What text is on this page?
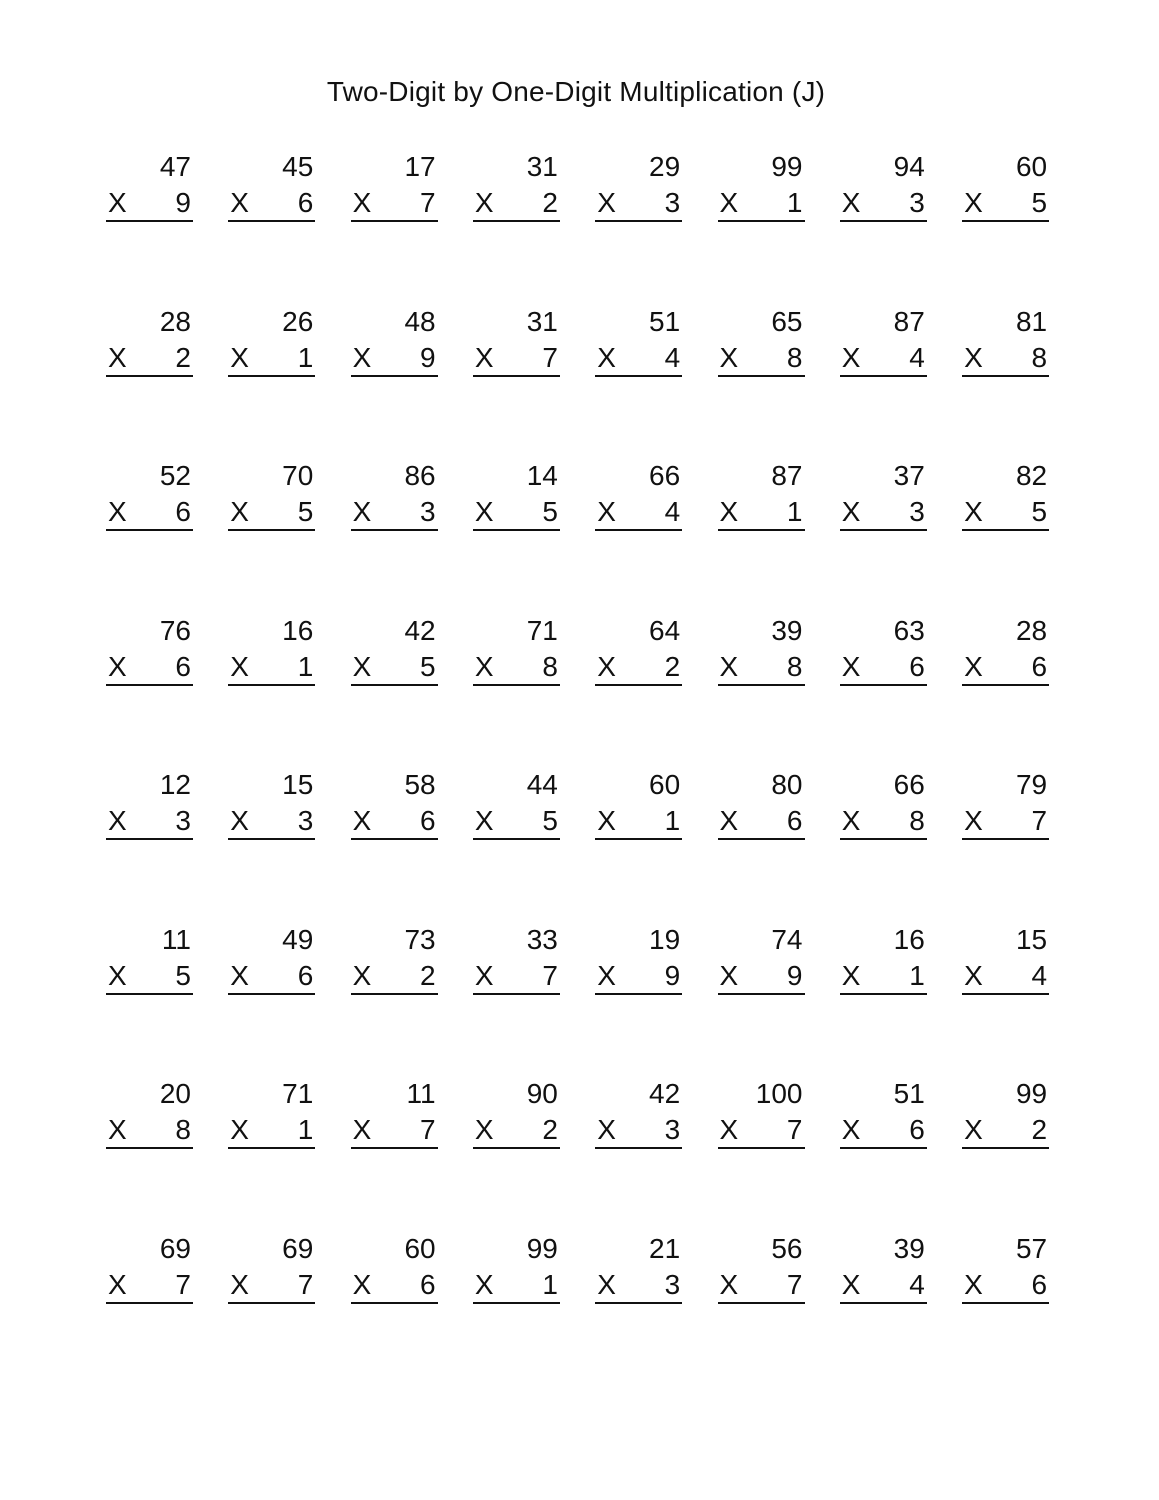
Two-Digit by One-Digit Multiplication (J)
47
X 9
45
X 6
17
X 7
31
X 2
29
X 3
99
X 1
94
X 3
60
X 5
28
X 2
26
X 1
48
X 9
31
X 7
51
X 4
65
X 8
87
X 4
81
X 8
52
X 6
70
X 5
86
X 3
14
X 5
66
X 4
87
X 1
37
X 3
82
X 5
76
X 6
16
X 1
42
X 5
71
X 8
64
X 2
39
X 8
63
X 6
28
X 6
12
X 3
15
X 3
58
X 6
44
X 5
60
X 1
80
X 6
66
X 8
79
X 7
11
X 5
49
X 6
73
X 2
33
X 7
19
X 9
74
X 9
16
X 1
15
X 4
20
X 8
71
X 1
11
X 7
90
X 2
42
X 3
100
X 7
51
X 6
99
X 2
69
X 7
69
X 7
60
X 6
99
X 1
21
X 3
56
X 7
39
X 4
57
X 6
